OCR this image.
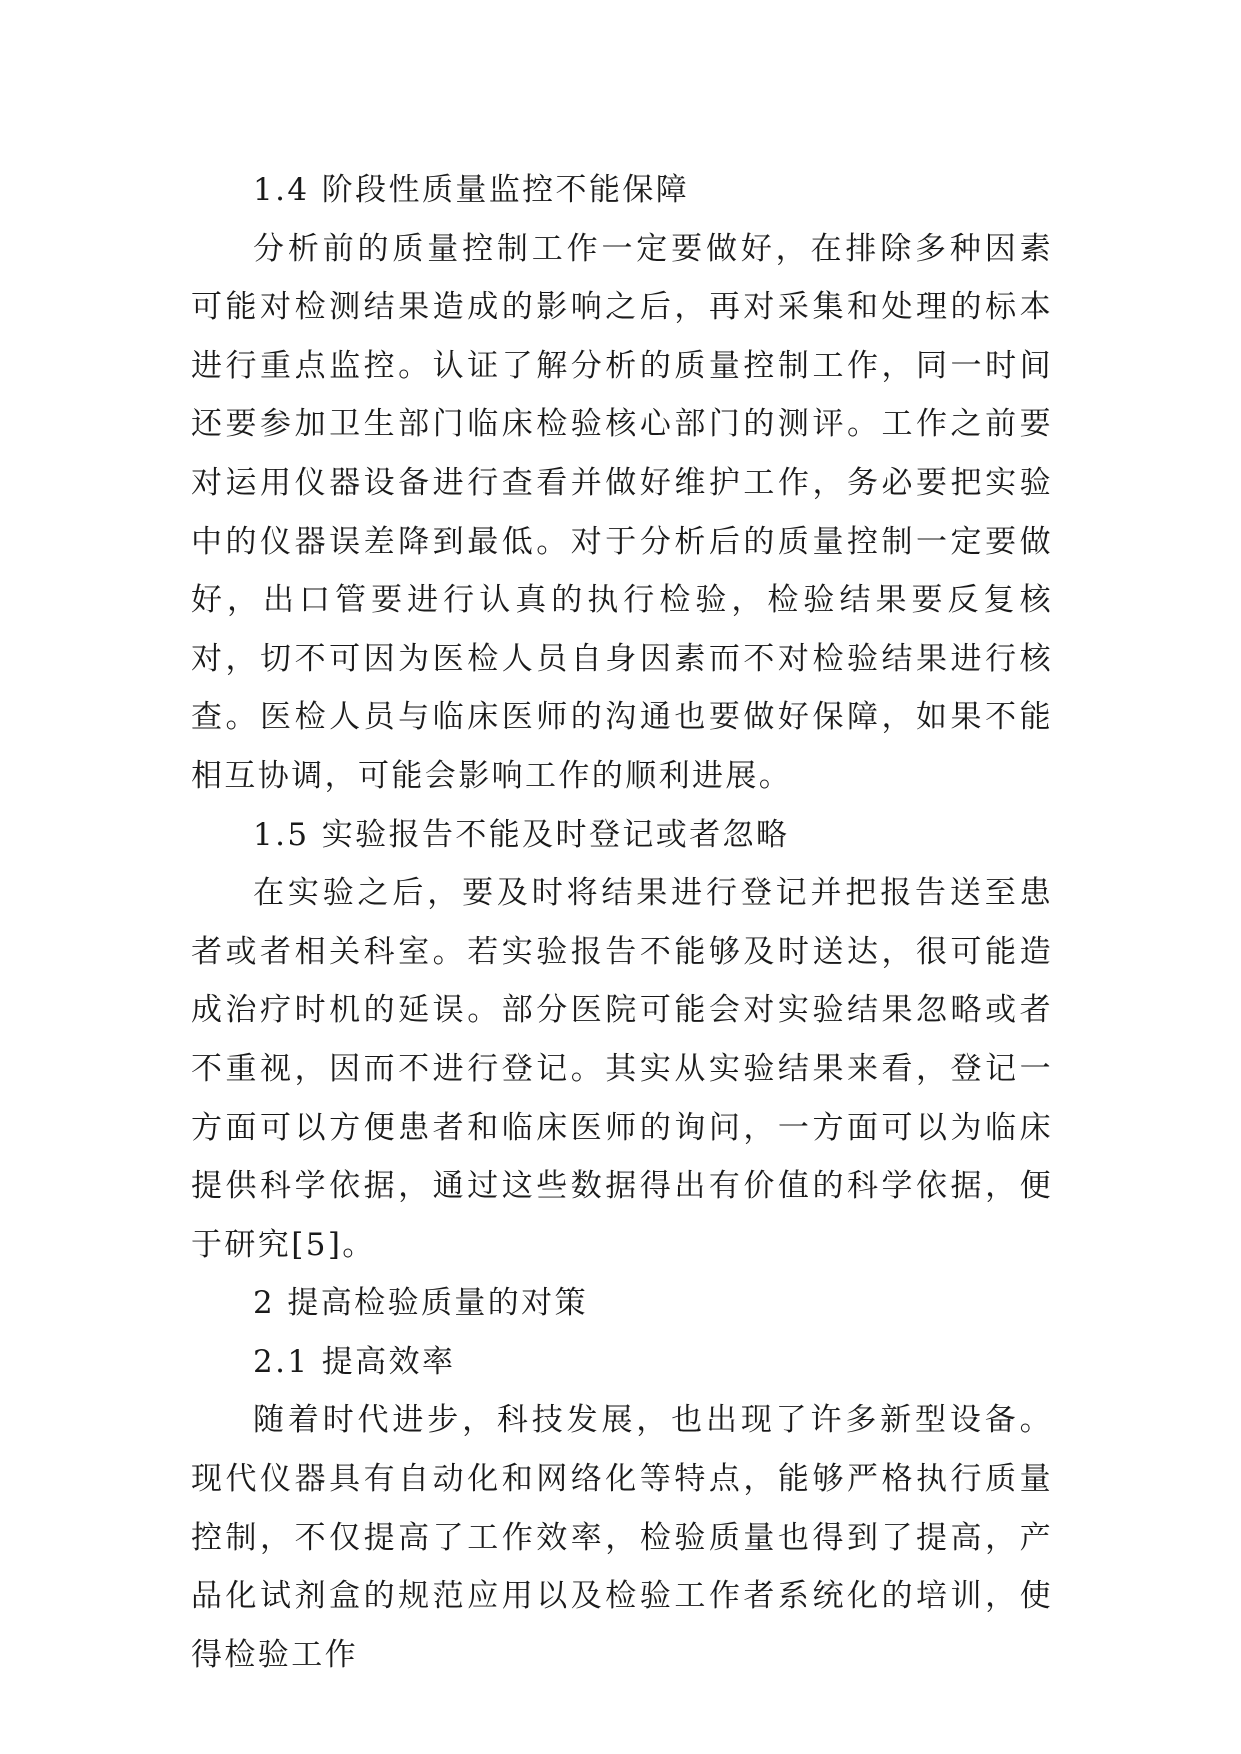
1.4 阶段性质量监控不能保障

分析前的质量控制工作一定要做好，在排除多种因素可能对检测结果造成的影响之后，再对采集和处理的标本进行重点监控。认证了解分析的质量控制工作，同一时间还要参加卫生部门临床检验核心部门的测评。工作之前要对运用仪器设备进行查看并做好维护工作，务必要把实验中的仪器误差降到最低。对于分析后的质量控制一定要做好，出口管要进行认真的执行检验，检验结果要反复核对，切不可因为医检人员自身因素而不对检验结果进行核查。医检人员与临床医师的沟通也要做好保障，如果不能相互协调，可能会影响工作的顺利进展。

1.5 实验报告不能及时登记或者忽略

在实验之后，要及时将结果进行登记并把报告送至患者或者相关科室。若实验报告不能够及时送达，很可能造成治疗时机的延误。部分医院可能会对实验结果忽略或者不重视，因而不进行登记。其实从实验结果来看，登记一方面可以方便患者和临床医师的询问，一方面可以为临床提供科学依据，通过这些数据得出有价值的科学依据，便于研究[5]。

2 提高检验质量的对策

2.1 提高效率

随着时代进步，科技发展，也出现了许多新型设备。现代仪器具有自动化和网络化等特点，能够严格执行质量控制，不仅提高了工作效率，检验质量也得到了提高，产品化试剂盒的规范应用以及检验工作者系统化的培训，使得检验工作
